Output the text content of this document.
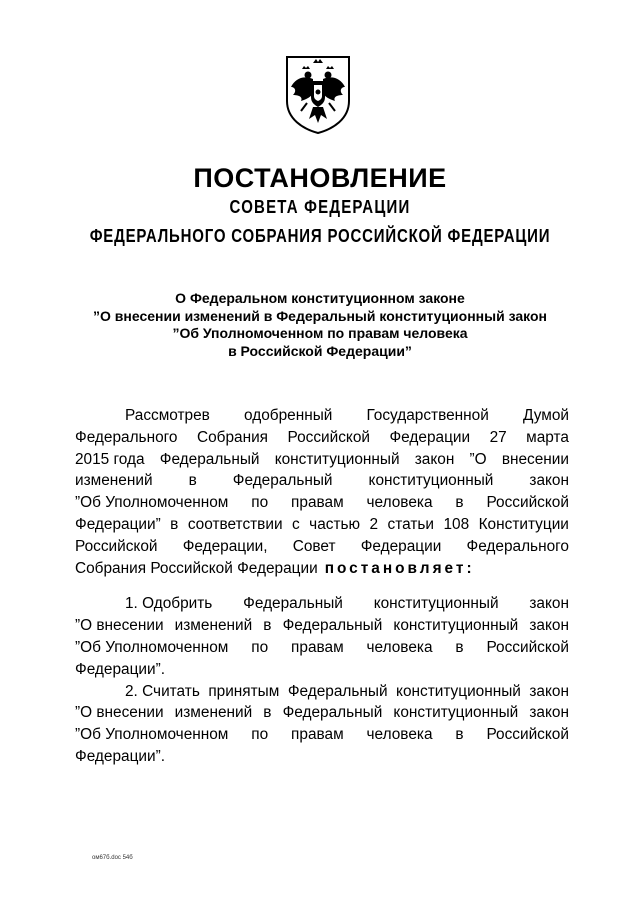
ПОСТАНОВЛЕНИЕ
СОВЕТА ФЕДЕРАЦИИ
ФЕДЕРАЛЬНОГО СОБРАНИЯ РОССИЙСКОЙ ФЕДЕРАЦИИ
О Федеральном конституционном законе
”О внесении изменений в Федеральный конституционный закон
”Об Уполномоченном по правам человека
в Российской Федерации”
Рассмотрев одобренный Государственной Думой
Федерального Собрания Российской Федерации 27 марта
2015 года Федеральный конституционный закон ”О внесении
изменений в Федеральный конституционный закон
”Об Уполномоченном по правам человека в Российской
Федерации” в соответствии с частью 2 статьи 108 Конституции
Российской Федерации, Совет Федерации Федерального
Собрания Российской Федерации постановляет:
1. Одобрить Федеральный конституционный закон
”О внесении изменений в Федеральный конституционный закон
”Об Уполномоченном по правам человека в Российской
Федерации”.
2. Считать принятым Федеральный конституционный закон
”О внесении изменений в Федеральный конституционный закон
”Об Уполномоченном по правам человека в Российской
Федерации”.
ом67б.doc 54б
